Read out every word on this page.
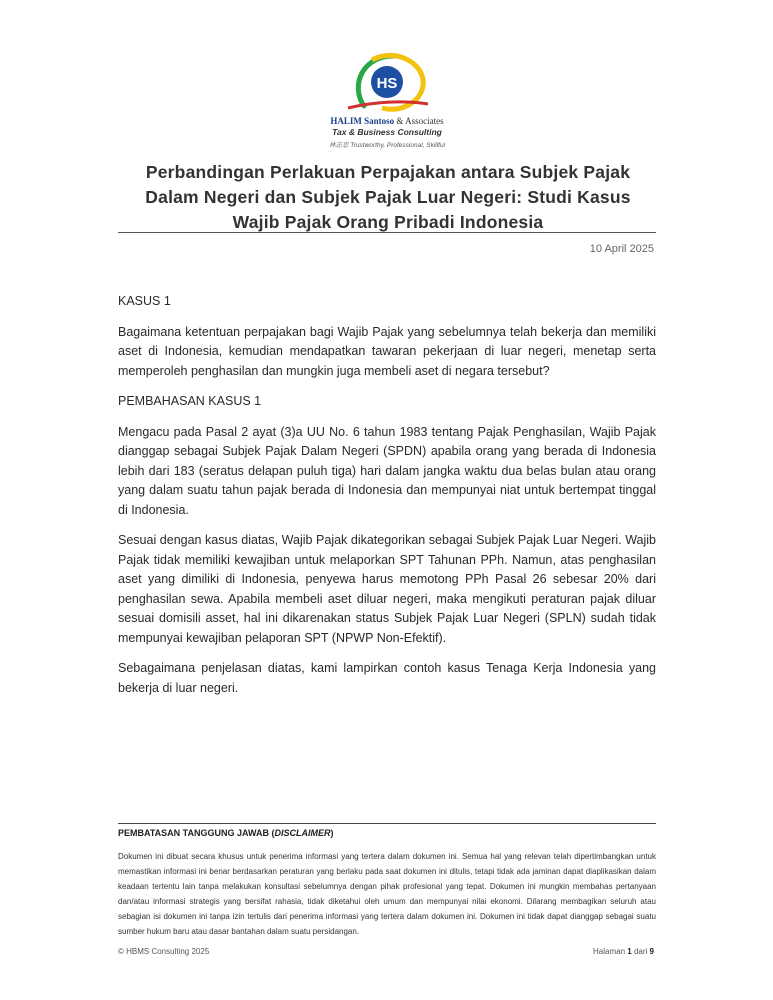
HS
HALIM Santoso & Associates
Tax & Business Consulting
林志忠 Trustworthy, Professional, Skillful
Perbandingan Perlakuan Perpajakan antara Subjek Pajak
Dalam Negeri dan Subjek Pajak Luar Negeri: Studi Kasus
Wajib Pajak Orang Pribadi Indonesia
10 April 2025

KASUS 1

Bagaimana ketentuan perpajakan bagi Wajib Pajak yang sebelumnya telah bekerja dan memiliki aset di Indonesia, kemudian mendapatkan tawaran pekerjaan di luar negeri, menetap serta memperoleh penghasilan dan mungkin juga membeli aset di negara tersebut?

PEMBAHASAN KASUS 1

Mengacu pada Pasal 2 ayat (3)a UU No. 6 tahun 1983 tentang Pajak Penghasilan, Wajib Pajak dianggap sebagai Subjek Pajak Dalam Negeri (SPDN) apabila orang yang berada di Indonesia lebih dari 183 (seratus delapan puluh tiga) hari dalam jangka waktu dua belas bulan atau orang yang dalam suatu tahun pajak berada di Indonesia dan mempunyai niat untuk bertempat tinggal di Indonesia.

Sesuai dengan kasus diatas, Wajib Pajak dikategorikan sebagai Subjek Pajak Luar Negeri. Wajib Pajak tidak memiliki kewajiban untuk melaporkan SPT Tahunan PPh. Namun, atas penghasilan aset yang dimiliki di Indonesia, penyewa harus memotong PPh Pasal 26 sebesar 20% dari penghasilan sewa. Apabila membeli aset diluar negeri, maka mengikuti peraturan pajak diluar sesuai domisili asset, hal ini dikarenakan status Subjek Pajak Luar Negeri (SPLN) sudah tidak mempunyai kewajiban pelaporan SPT (NPWP Non-Efektif).

Sebagaimana penjelasan diatas, kami lampirkan contoh kasus Tenaga Kerja Indonesia yang bekerja di luar negeri.

PEMBATASAN TANGGUNG JAWAB (DISCLAIMER)

Dokumen ini dibuat secara khusus untuk penerima informasi yang tertera dalam dokumen ini. Semua hal yang relevan telah dipertimbangkan untuk memastikan informasi ini benar berdasarkan peraturan yang berlaku pada saat dokumen ini ditulis, tetapi tidak ada jaminan dapat diaplikasikan dalam keadaan tertentu lain tanpa melakukan konsultasi sebelumnya dengan pihak profesional yang tepat. Dokumen ini mungkin membahas pertanyaan dan/atau informasi strategis yang bersifat rahasia, tidak diketahui oleh umum dan mempunyai nilai ekonomi. Dilarang membagikan seluruh atau sebagian isi dokumen ini tanpa izin tertulis dari penerima informasi yang tertera dalam dokumen ini. Dokumen ini tidak dapat dianggap sebagai suatu sumber hukum baru atau dasar bantahan dalam suatu persidangan.

© HBMS Consulting 2025	Halaman 1 dari 9
